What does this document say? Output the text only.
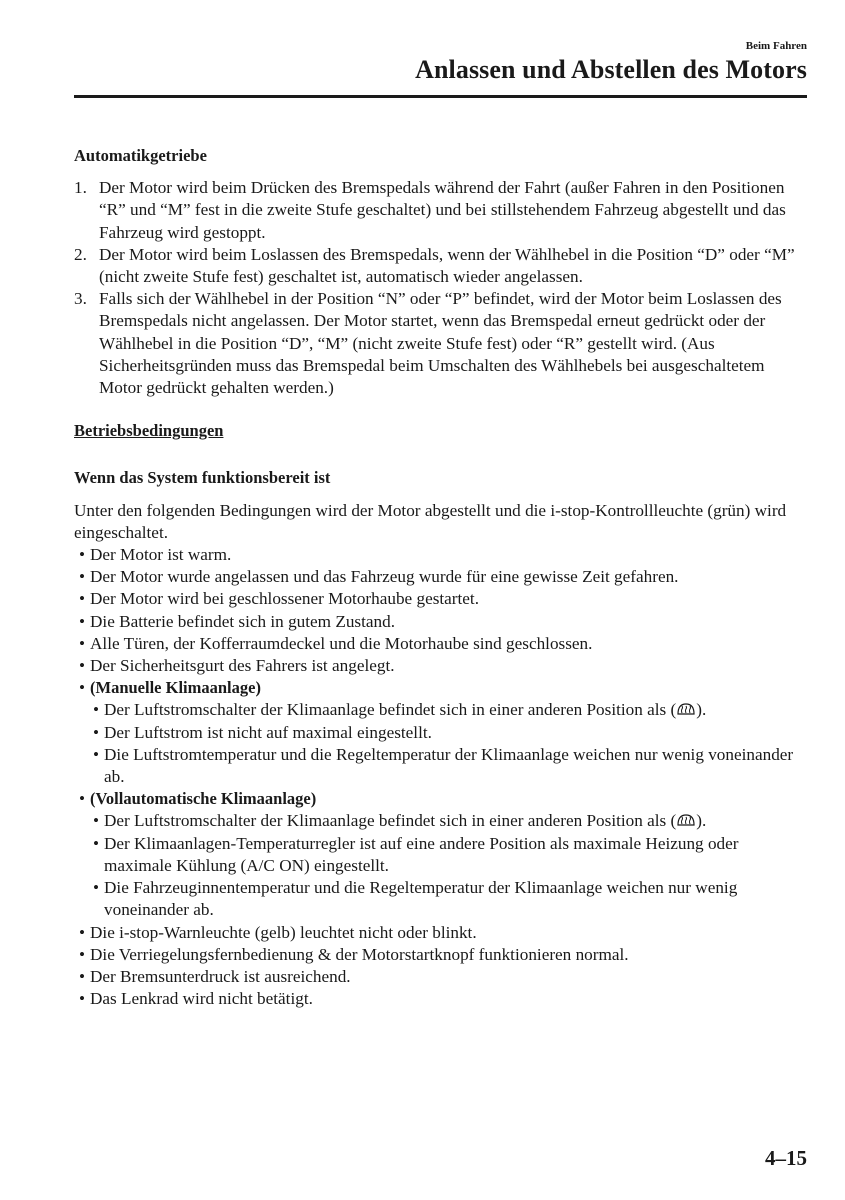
Beim Fahren
Anlassen und Abstellen des Motors
Automatikgetriebe
1. Der Motor wird beim Drücken des Bremspedals während der Fahrt (außer Fahren in den Positionen “R” und “M” fest in die zweite Stufe geschaltet) und bei stillstehendem Fahrzeug abgestellt und das Fahrzeug wird gestoppt.
2. Der Motor wird beim Loslassen des Bremspedals, wenn der Wählhebel in die Position “D” oder “M” (nicht zweite Stufe fest) geschaltet ist, automatisch wieder angelassen.
3. Falls sich der Wählhebel in der Position “N” oder “P” befindet, wird der Motor beim Loslassen des Bremspedals nicht angelassen. Der Motor startet, wenn das Bremspedal erneut gedrückt oder der Wählhebel in die Position “D”, “M” (nicht zweite Stufe fest) oder “R” gestellt wird. (Aus Sicherheitsgründen muss das Bremspedal beim Umschalten des Wählhebels bei ausgeschaltetem Motor gedrückt gehalten werden.)
Betriebsbedingungen
Wenn das System funktionsbereit ist

Unter den folgenden Bedingungen wird der Motor abgestellt und die i-stop-Kontrollleuchte (grün) wird eingeschaltet.

• Der Motor ist warm.
• Der Motor wurde angelassen und das Fahrzeug wurde für eine gewisse Zeit gefahren.
• Der Motor wird bei geschlossener Motorhaube gestartet.
• Die Batterie befindet sich in gutem Zustand.
• Alle Türen, der Kofferraumdeckel und die Motorhaube sind geschlossen.
• Der Sicherheitsgurt des Fahrers ist angelegt.
• (Manuelle Klimaanlage)
• Der Luftstromschalter der Klimaanlage befindet sich in einer anderen Position als ( ).
• Der Luftstrom ist nicht auf maximal eingestellt.
• Die Luftstromtemperatur und die Regeltemperatur der Klimaanlage weichen nur wenig voneinander ab.
• (Vollautomatische Klimaanlage)
• Der Luftstromschalter der Klimaanlage befindet sich in einer anderen Position als ( ).
• Der Klimaanlagen-Temperaturregler ist auf eine andere Position als maximale Heizung oder maximale Kühlung (A/C ON) eingestellt.
• Die Fahrzeuginnentemperatur und die Regeltemperatur der Klimaanlage weichen nur wenig voneinander ab.
• Die i-stop-Warnleuchte (gelb) leuchtet nicht oder blinkt.
• Die Verriegelungsfernbedienung & der Motorstartknopf funktionieren normal.
• Der Bremsunterdruck ist ausreichend.
• Das Lenkrad wird nicht betätigt.
4–15
